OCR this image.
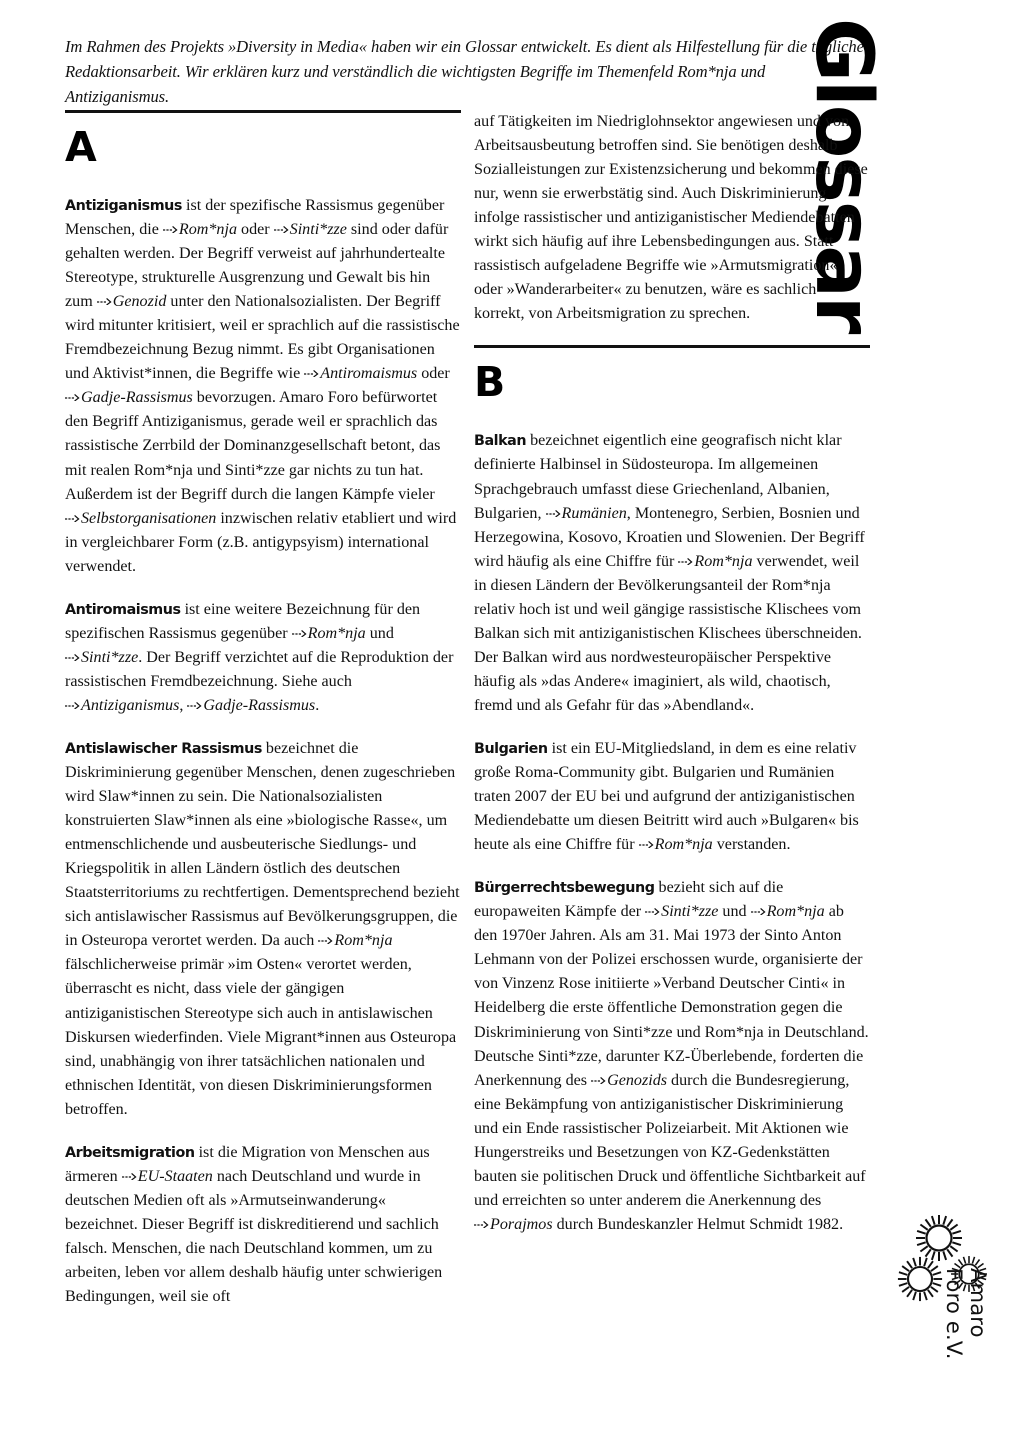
Im Rahmen des Projekts »Diversity in Media« haben wir ein Glossar entwickelt. Es dient als Hilfestellung für die tägliche Redaktionsarbeit. Wir erklären kurz und verständlich die wichtigsten Begriffe im Themenfeld Rom*nja und Antiziganismus.	Glossar
A

Antiziganismus ist der spezifische Rassismus gegenüber Menschen, die
Rom*nja oder
Sinti*zze sind oder dafür gehalten werden. Der Begriff verweist auf jahrhundertealte Stereotype, strukturelle Ausgrenzung und Gewalt bis hin zum
Genozid unter den Nationalsozialisten. Der Begriff wird mitunter kritisiert, weil er sprachlich auf die rassistische Fremdbezeichnung Bezug nimmt. Es gibt Organisationen und Aktivist*innen, die Begriffe wie
Antiromaismus oder
Gadje-Rassismus bevorzugen. Amaro Foro befürwortet den Begriff Antiziganismus, gerade weil er sprachlich das rassistische Zerrbild der Dominanzgesellschaft betont, das mit realen Rom*nja und Sinti*zze gar nichts zu tun hat. Außerdem ist der Begriff durch die langen Kämpfe vieler
Selbstorganisationen inzwischen relativ etabliert und wird in vergleichbarer Form (z.B. antigypsyism) international verwendet.

Antiromaismus ist eine weitere Bezeichnung für den spezifischen Rassismus gegenüber
Rom*nja und
Sinti*zze. Der Begriff verzichtet auf die Reproduktion der rassistischen Fremdbezeichnung. Siehe auch
Antiziganismus,
Gadje-Rassismus.

Antislawischer Rassismus bezeichnet die Diskriminierung gegenüber Menschen, denen zugeschrieben wird Slaw*innen zu sein. Die Nationalsozialisten konstruierten Slaw*innen als eine »biologische Rasse«, um entmenschlichende und ausbeuterische Siedlungs- und Kriegspolitik in allen Ländern östlich des deutschen Staatsterritoriums zu rechtfertigen. Dementsprechend bezieht sich antislawischer Rassismus auf Bevölkerungsgruppen, die in Osteuropa verortet werden. Da auch
Rom*nja fälschlicherweise primär »im Osten« verortet werden, überrascht es nicht, dass viele der gängigen antiziganistischen Stereotype sich auch in antislawischen Diskursen wiederfinden. Viele Migrant*innen aus Osteuropa sind, unabhängig von ihrer tatsächlichen nationalen und ethnischen Identität, von diesen Diskriminierungsformen betroffen.

Arbeitsmigration ist die Migration von Menschen aus ärmeren
EU-Staaten nach Deutschland und wurde in deutschen Medien oft als »Armutseinwanderung« bezeichnet. Dieser Begriff ist diskreditierend und sachlich falsch. Menschen, die nach Deutschland kommen, um zu arbeiten, leben vor allem deshalb häufig unter schwierigen Bedingungen, weil sie oft

auf Tätigkeiten im Niedriglohnsektor angewiesen und von Arbeitsausbeutung betroffen sind. Sie benötigen deshalb Sozialleistungen zur Existenzsicherung und bekommen diese nur, wenn sie erwerbstätig sind. Auch Diskriminierung infolge rassistischer und antiziganistischer Mediendebatten wirkt sich häufig auf ihre Lebensbedingungen aus. Statt rassistisch aufgeladene Begriffe wie »Armutsmigration« oder »Wanderarbeiter« zu benutzen, wäre es sachlich korrekt, von Arbeitsmigration zu sprechen.

B

Balkan bezeichnet eigentlich eine geografisch nicht klar definierte Halbinsel in Südosteuropa. Im allgemeinen Sprachgebrauch umfasst diese Griechenland, Albanien, Bulgarien,
Rumänien, Montenegro, Serbien, Bosnien und Herzegowina, Kosovo, Kroatien und Slowenien. Der Begriff wird häufig als eine Chiffre für
Rom*nja verwendet, weil in diesen Ländern der Bevölkerungsanteil der Rom*nja relativ hoch ist und weil gängige rassistische Klischees vom Balkan sich mit antiziganistischen Klischees überschneiden. Der Balkan wird aus nordwesteuropäischer Perspektive häufig als »das Andere« imaginiert, als wild, chaotisch, fremd und als Gefahr für das »Abendland«.

Bulgarien ist ein EU-Mitgliedsland, in dem es eine relativ große Roma-Community gibt. Bulgarien und Rumänien traten 2007 der EU bei und aufgrund der antiziganistischen Mediendebatte um diesen Beitritt wird auch »Bulgaren« bis heute als eine Chiffre für
Rom*nja verstanden.

Bürgerrechtsbewegung bezieht sich auf die europaweiten Kämpfe der
Sinti*zze und
Rom*nja ab den 1970er Jahren. Als am 31. Mai 1973 der Sinto Anton Lehmann von der Polizei erschossen wurde, organisierte der von Vinzenz Rose initiierte »Verband Deutscher Cinti« in Heidelberg die erste öffentliche Demonstration gegen die Diskriminierung von Sinti*zze und Rom*nja in Deutschland. Deutsche Sinti*zze, darunter KZ-Überlebende, forderten die Anerkennung des
Genozids durch die Bundesregierung, eine Bekämpfung von antiziganistischer Diskriminierung und ein Ende rassistischer Polizeiarbeit. Mit Aktionen wie Hungerstreiks und Besetzungen von KZ-Gedenkstätten bauten sie politischen Druck und öffentliche Sichtbarkeit auf und erreichten so unter anderem die Anerkennung des
Porajmos durch Bundeskanzler Helmut Schmidt 1982.

Amaro
Foro e.V.
